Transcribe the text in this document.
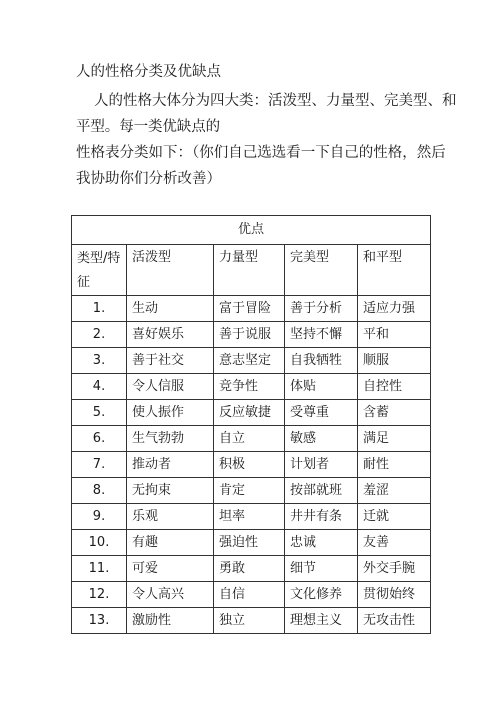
人的性格分类及优缺点
人的性格大体分为四大类：活泼型、力量型、完美型、和
平型。每一类优缺点的
性格表分类如下：（你们自己选选看一下自己的性格，然后
我协助你们分析改善）
优点				
类型/特征	活泼型	力量型	完美型	和平型

1.	生动	富于冒险	善于分析	适应力强
2.	喜好娱乐	善于说服	坚持不懈	平和
3.	善于社交	意志坚定	自我牺牲	顺服
4.	令人信服	竞争性	体贴	自控性
5.	使人振作	反应敏捷	受尊重	含蓄
6.	生气勃勃	自立	敏感	满足
7.	推动者	积极	计划者	耐性
8.	无拘束	肯定	按部就班	羞涩
9.	乐观	坦率	井井有条	迁就
10.	有趣	强迫性	忠诚	友善
11.	可爱	勇敢	细节	外交手腕
12.	令人高兴	自信	文化修养	贯彻始终
13.	激励性	独立	理想主义	无攻击性
